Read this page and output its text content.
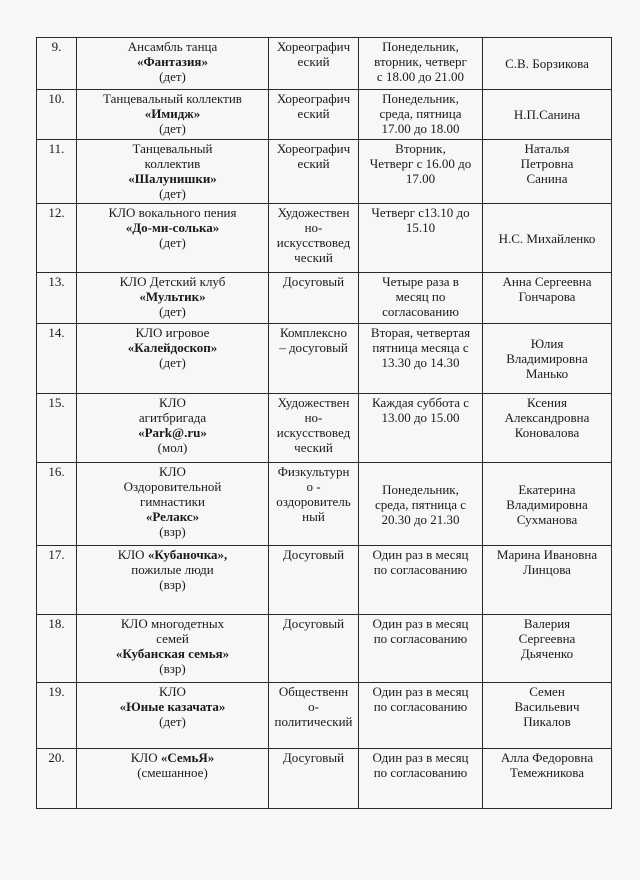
9.	Ансамбль танца
«Фантазия»
(дет)	Хореографич
еский	Понедельник,
вторник, четверг
с 18.00 до 21.00	С.В. Борзикова

10.	Танцевальный коллектив
«Имидж»
(дет)	Хореографич
еский	Понедельник,
среда, пятница
17.00 до 18.00	Н.П.Санина

11.	Танцевальный
коллектив
«Шалунишки»
(дет)	Хореографич
еский	Вторник,
Четверг с 16.00 до
17.00	Наталья
Петровна
Санина

12.	КЛО вокального пения
«До-ми-солька»
(дет)	Художествен
но-
искусствовед
ческий	Четверг с13.10 до
15.10	Н.С. Михайленко

13.	КЛО Детский клуб
«Мультик»
(дет)	Досуговый	Четыре раза в
месяц по
согласованию	Анна Сергеевна
Гончарова

14.	КЛО игровое
«Калейдоскоп»
(дет)	Комплексно
– досуговый	Вторая, четвертая
пятница месяца с
13.30 до 14.30	Юлия
Владимировна
Манько

15.	КЛО
агитбригада
«Park@.ru»
(мол)	Художествен
но-
искусствовед
ческий	Каждая суббота с
13.00 до 15.00	Ксения
Александровна
Коновалова

16.	КЛО
Оздоровительной
гимнастики
«Релакс»
(взр)	Физкультурн
о -
оздоровитель
ный	Понедельник,
среда, пятница с
20.30 до 21.30	Екатерина
Владимировна
Сухманова

17.	КЛО «Кубаночка»,
пожилые люди
(взр)	Досуговый	Один раз в месяц
по согласованию	Марина Ивановна
Линцова

18.	КЛО многодетных
семей
«Кубанская семья»
(взр)	Досуговый	Один раз в месяц
по согласованию	Валерия
Сергеевна
Дьяченко

19.	КЛО
«Юные казачата»
(дет)	Общественн
о-
политический	Один раз в месяц
по согласованию	Семен
Васильевич
Пикалов

20.	КЛО «СемьЯ»
(смешанное)	Досуговый	Один раз в месяц
по согласованию	Алла Федоровна
Темежникова
